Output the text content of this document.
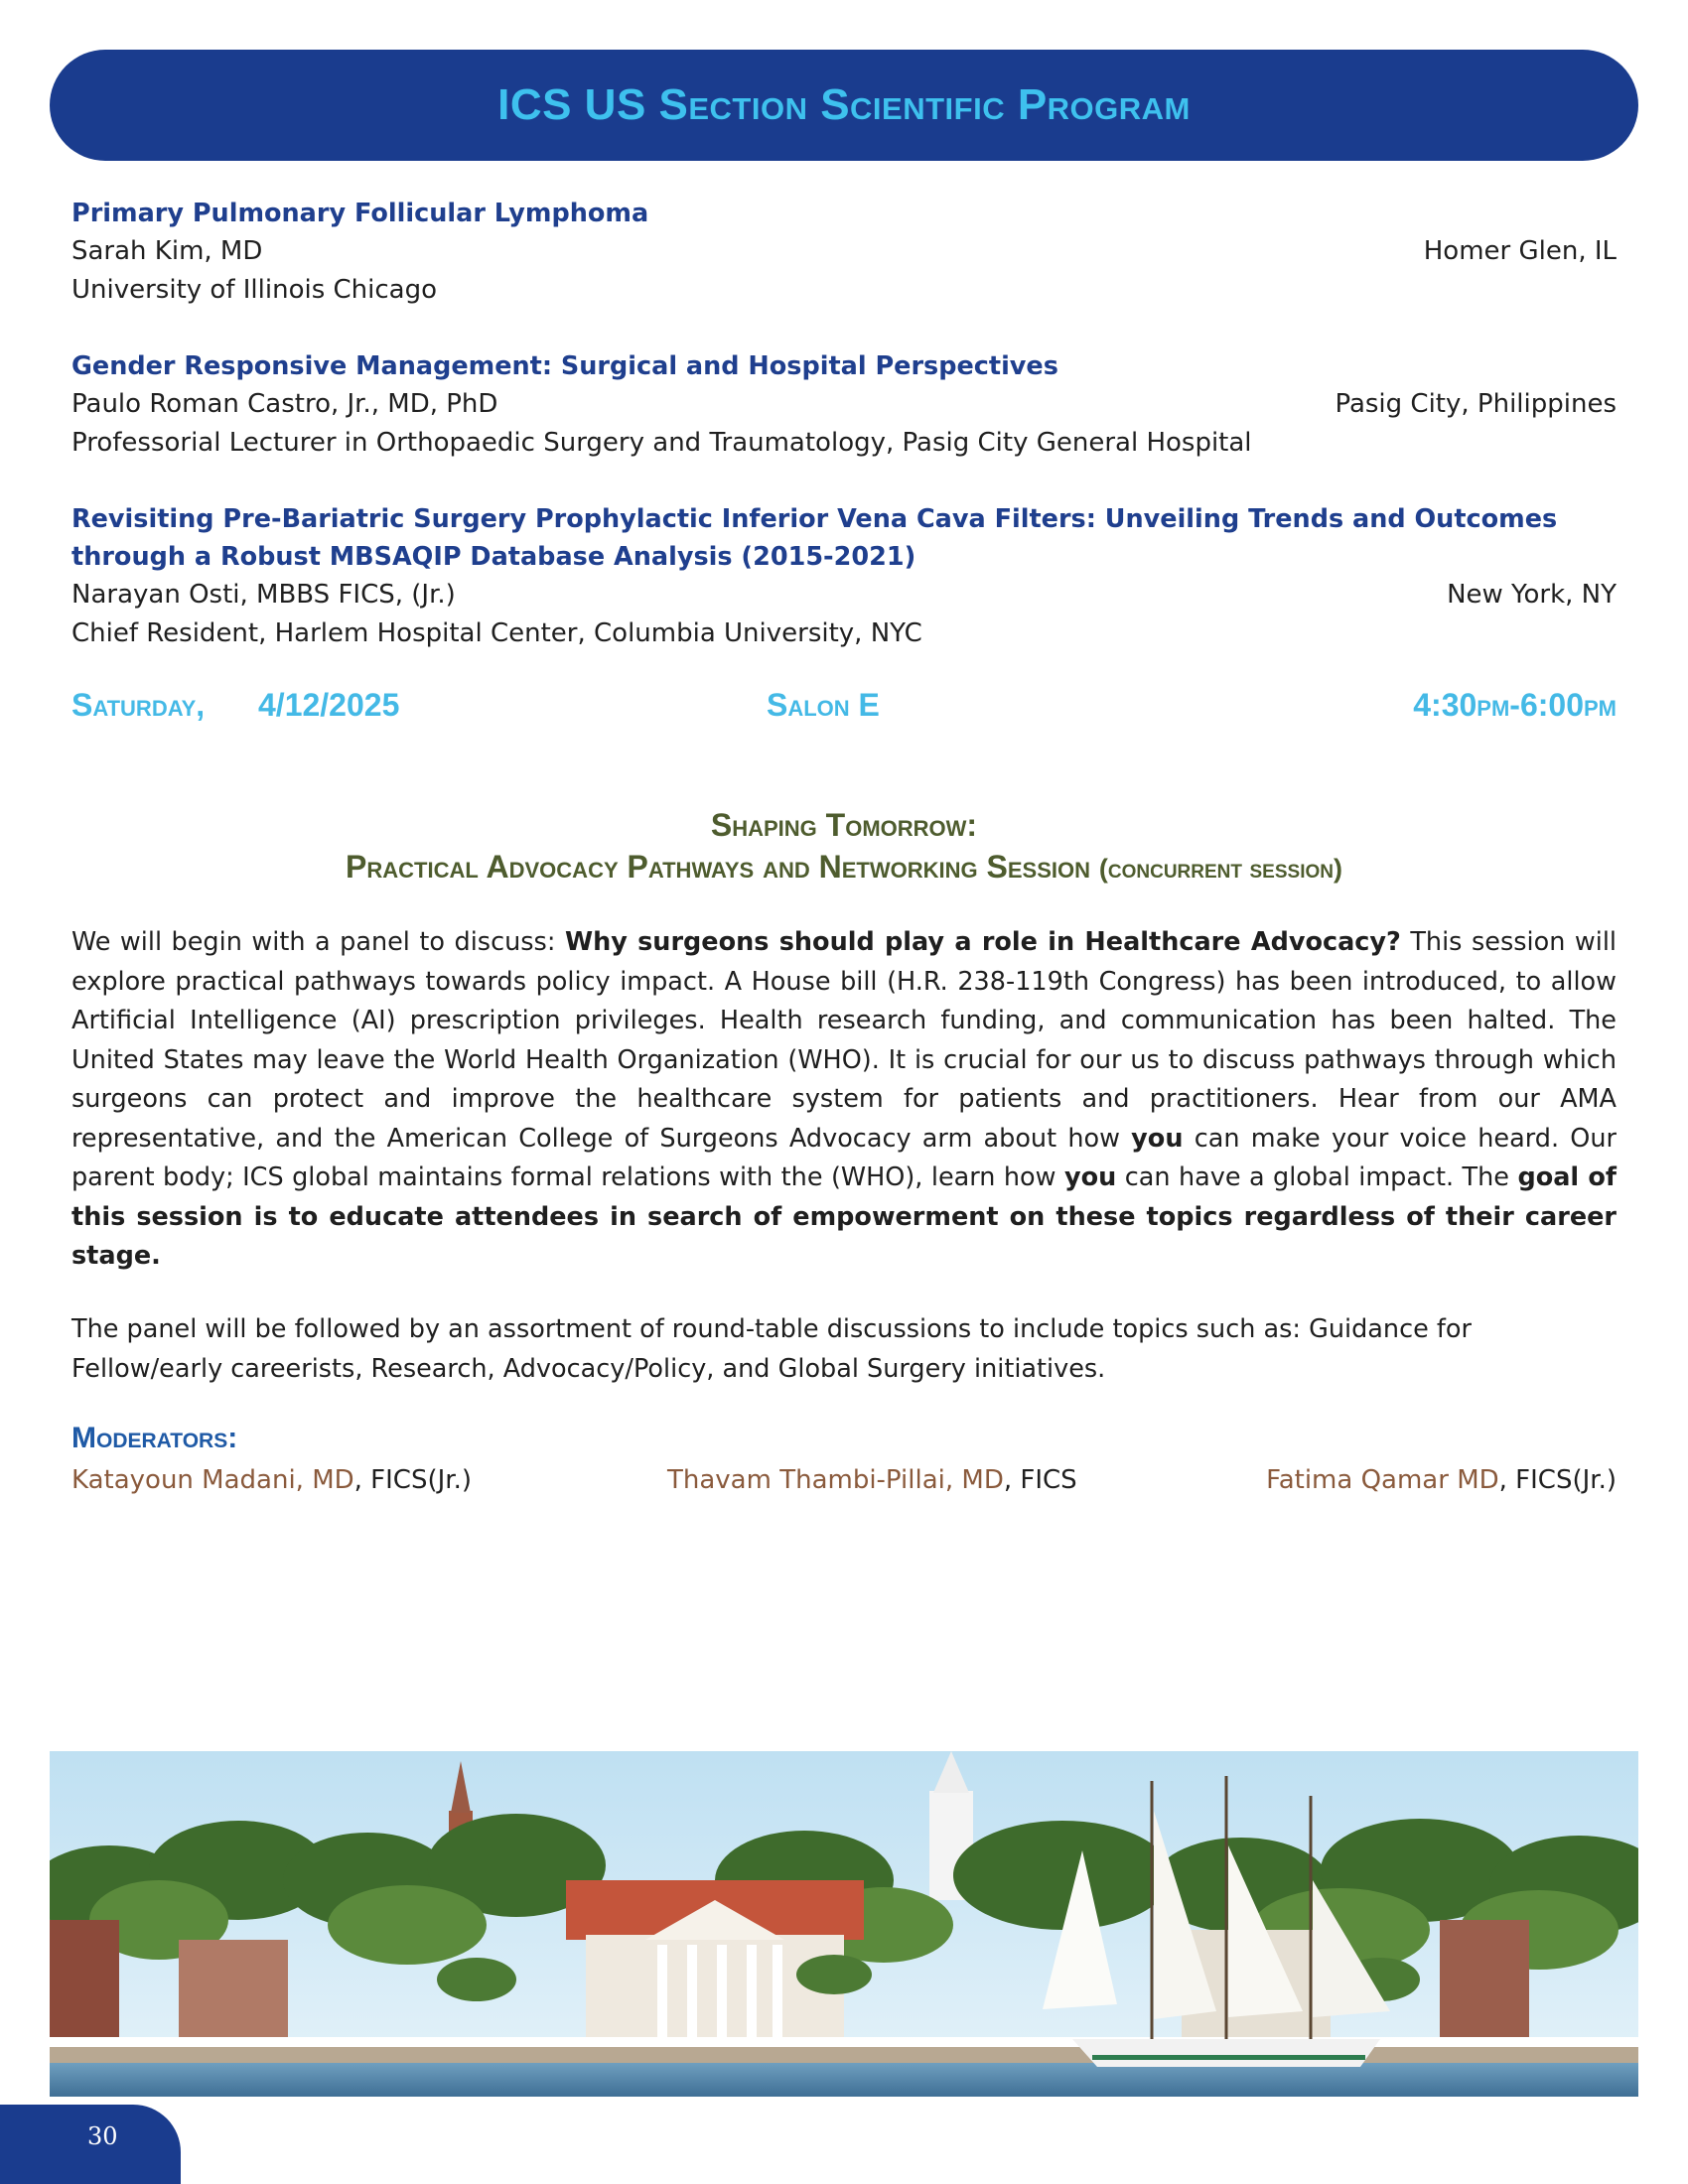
ICS US Section Scientific Program
Primary Pulmonary Follicular Lymphoma
Sarah Kim, MD	Homer Glen, IL
University of Illinois Chicago
Gender Responsive Management: Surgical and Hospital Perspectives
Paulo Roman Castro, Jr., MD, PhD	Pasig City, Philippines
Professorial Lecturer in Orthopaedic Surgery and Traumatology, Pasig City General Hospital
Revisiting Pre-Bariatric Surgery Prophylactic Inferior Vena Cava Filters: Unveiling Trends and Outcomes through a Robust MBSAQIP Database Analysis (2015-2021)
Narayan Osti, MBBS FICS, (Jr.)	New York, NY
Chief Resident, Harlem Hospital Center, Columbia University, NYC
Saturday, 4/12/2025	Salon E	4:30pm-6:00pm
Shaping Tomorrow:
Practical Advocacy Pathways and Networking Session (concurrent session)

We will begin with a panel to discuss: Why surgeons should play a role in Healthcare Advocacy? This session will explore practical pathways towards policy impact. A House bill (H.R. 238-119th Congress) has been introduced, to allow Artificial Intelligence (AI) prescription privileges. Health research funding, and communication has been halted. The United States may leave the World Health Organization (WHO). It is crucial for our us to discuss pathways through which surgeons can protect and improve the healthcare system for patients and practitioners. Hear from our AMA representative, and the American College of Surgeons Advocacy arm about how you can make your voice heard. Our parent body; ICS global maintains formal relations with the (WHO), learn how you can have a global impact. The goal of this session is to educate attendees in search of empowerment on these topics regardless of their career stage.

The panel will be followed by an assortment of round-table discussions to include topics such as: Guidance for Fellow/early careerists, Research, Advocacy/Policy, and Global Surgery initiatives.

Moderators:
Katayoun Madani, MD, FICS(Jr.)	Thavam Thambi-Pillai, MD, FICS	Fatima Qamar MD, FICS(Jr.)
30
